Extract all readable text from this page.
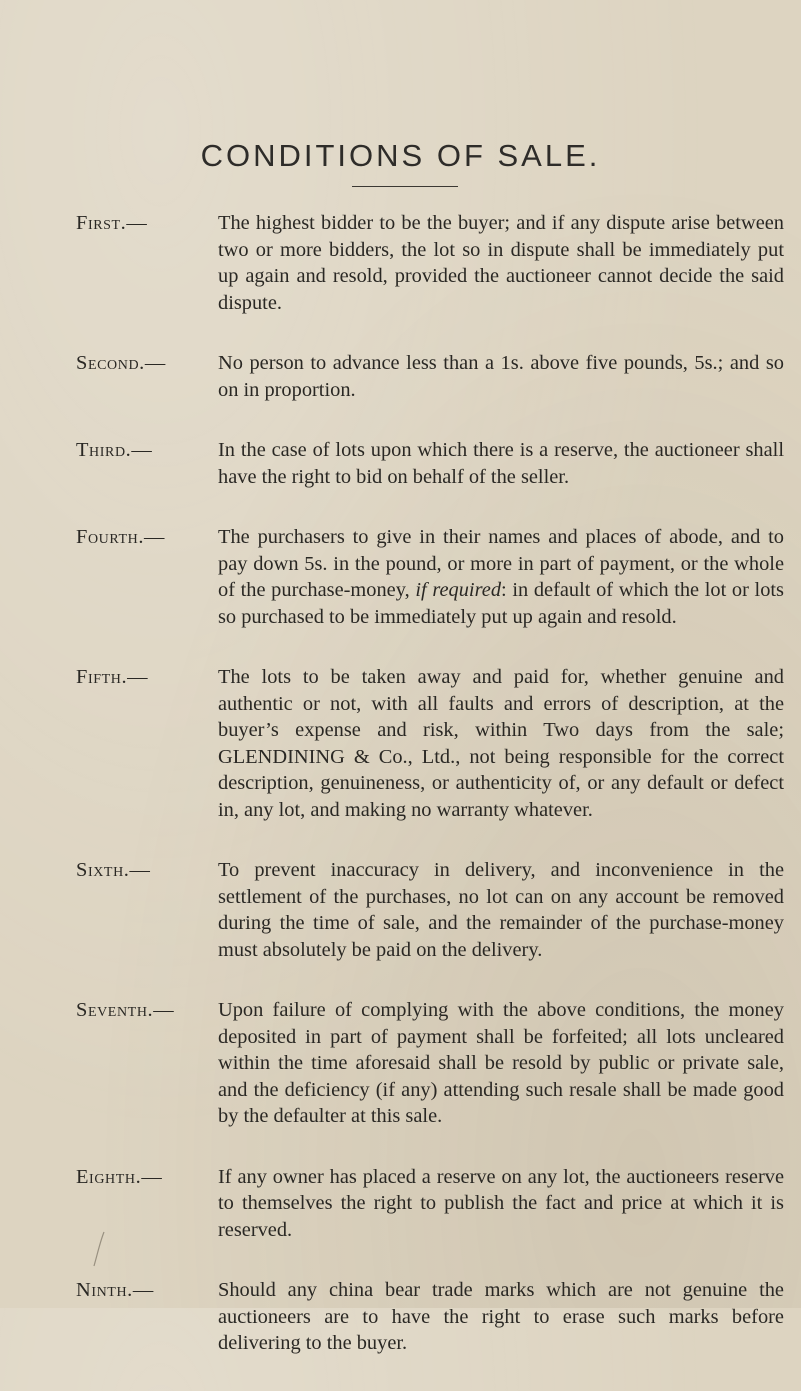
CONDITIONS OF SALE.

First.—	The highest bidder to be the buyer; and if any dispute arise between two or more bidders, the lot so in dispute shall be immediately put up again and resold, provided the auctioneer cannot decide the said dispute.

Second.—	No person to advance less than a 1s. above five pounds, 5s.; and so on in proportion.

Third.—	In the case of lots upon which there is a reserve, the auctioneer shall have the right to bid on behalf of the seller.

Fourth.—	The purchasers to give in their names and places of abode, and to pay down 5s. in the pound, or more in part of payment, or the whole of the purchase-money, if required: in default of which the lot or lots so purchased to be immediately put up again and resold.

Fifth.—	The lots to be taken away and paid for, whether genuine and authentic or not, with all faults and errors of description, at the buyer’s expense and risk, within Two days from the sale; GLENDINING & Co., Ltd., not being responsible for the correct description, genuineness, or authenticity of, or any default or defect in, any lot, and making no warranty whatever.

Sixth.—	To prevent inaccuracy in delivery, and inconvenience in the settlement of the purchases, no lot can on any account be removed during the time of sale, and the remainder of the purchase-money must absolutely be paid on the delivery.

Seventh.— Upon failure of complying with the above conditions, the money deposited in part of payment shall be forfeited; all lots uncleared within the time aforesaid shall be resold by public or private sale, and the deficiency (if any) attending such resale shall be made good by the defaulter at this sale.

Eighth.—	If any owner has placed a reserve on any lot, the auctioneers reserve to themselves the right to publish the fact and price at which it is reserved.

Ninth.—	Should any china bear trade marks which are not genuine the auctioneers are to have the right to erase such marks before delivering to the buyer.
